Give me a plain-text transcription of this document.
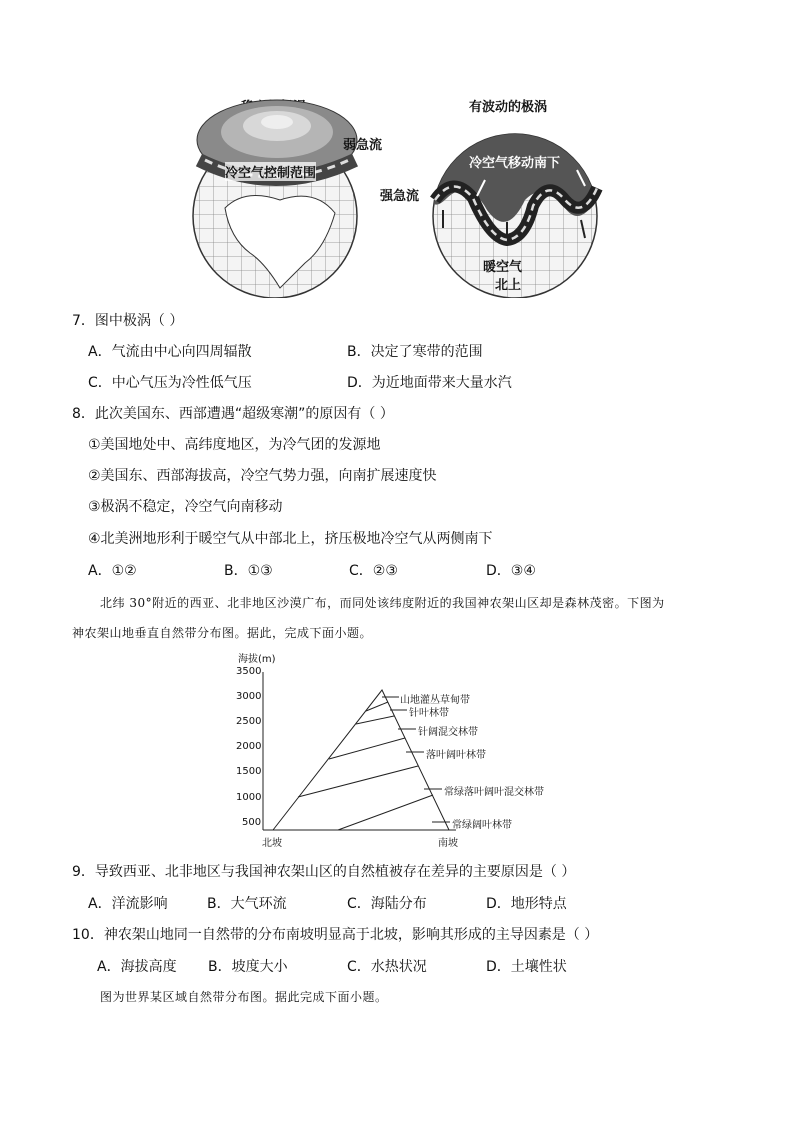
有波动的极涡
弱急流
冷空气控制范围
冷空气移动南下
强急流
暖空气
北上
7．图中极涡（ ）
A．气流由中心向四周辐散	B．决定了寒带的范围
C．中心气压为冷性低气压	D．为近地面带来大量水汽
8．此次美国东、西部遭遇“超级寒潮”的原因有（ ）
①美国地处中、高纬度地区，为冷气团的发源地
②美国东、西部海拔高，冷空气势力强，向南扩展速度快
③极涡不稳定，冷空气向南移动
④北美洲地形利于暖空气从中部北上，挤压极地冷空气从两侧南下
A．①②	B．①③	C．②③	D．③④
北纬 30°附近的西亚、北非地区沙漠广布，而同处该纬度附近的我国神农架山区却是森林茂密。下图为
神农架山地垂直自然带分布图。据此，完成下面小题。
海拔(m)
3500
3000
2500
2000
1500
1000
500
山地灌丛草甸带
针叶林带
针阔混交林带
落叶阔叶林带
常绿落叶阔叶混交林带
常绿阔叶林带
北坡	南坡
9．导致西亚、北非地区与我国神农架山区的自然植被存在差异的主要原因是（ ）
A．洋流影响	B．大气环流	C．海陆分布	D．地形特点
10．神农架山地同一自然带的分布南坡明显高于北坡，影响其形成的主导因素是（ ）
A．海拔高度 B．坡度大小	C．水热状况	D．土壤性状
图为世界某区域自然带分布图。据此完成下面小题。
